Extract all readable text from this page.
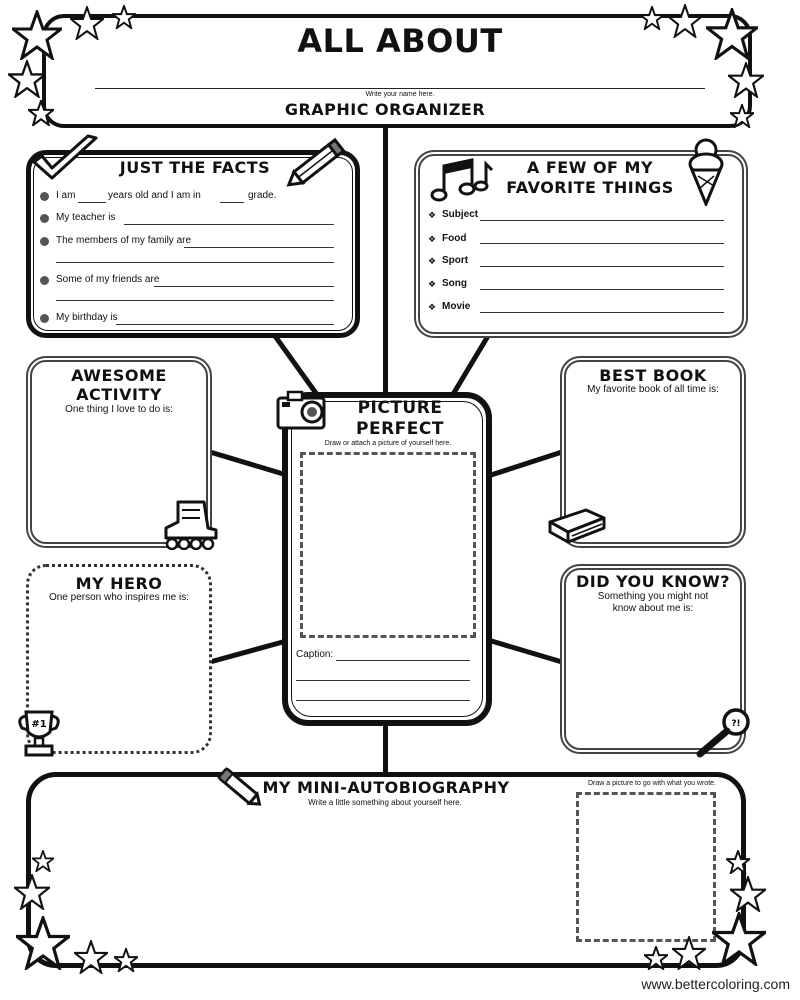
ALL ABOUT
Write your name here.
GRAPHIC ORGANIZER
JUST THE FACTS
I am	years old and I am in	grade.
My teacher is
The members of my family are
Some of my friends are
My birthday is
A FEW OF MY
FAVORITE THINGS
❖ Subject
❖ Food
❖ Sport
❖ Song
❖ Movie
AWESOME
ACTIVITY
One thing I love to do is:
MY HERO
One person who inspires me is:
#1
PICTURE
PERFECT
Draw or attach a picture of yourself here.
Caption:
BEST BOOK
My favorite book of all time is:
DID YOU KNOW?
Something you might not
know about me is:
?!
MY MINI-AUTOBIOGRAPHY
Write a little something about yourself here.
Draw a picture to go with what you wrote.
www.bettercoloring.com
